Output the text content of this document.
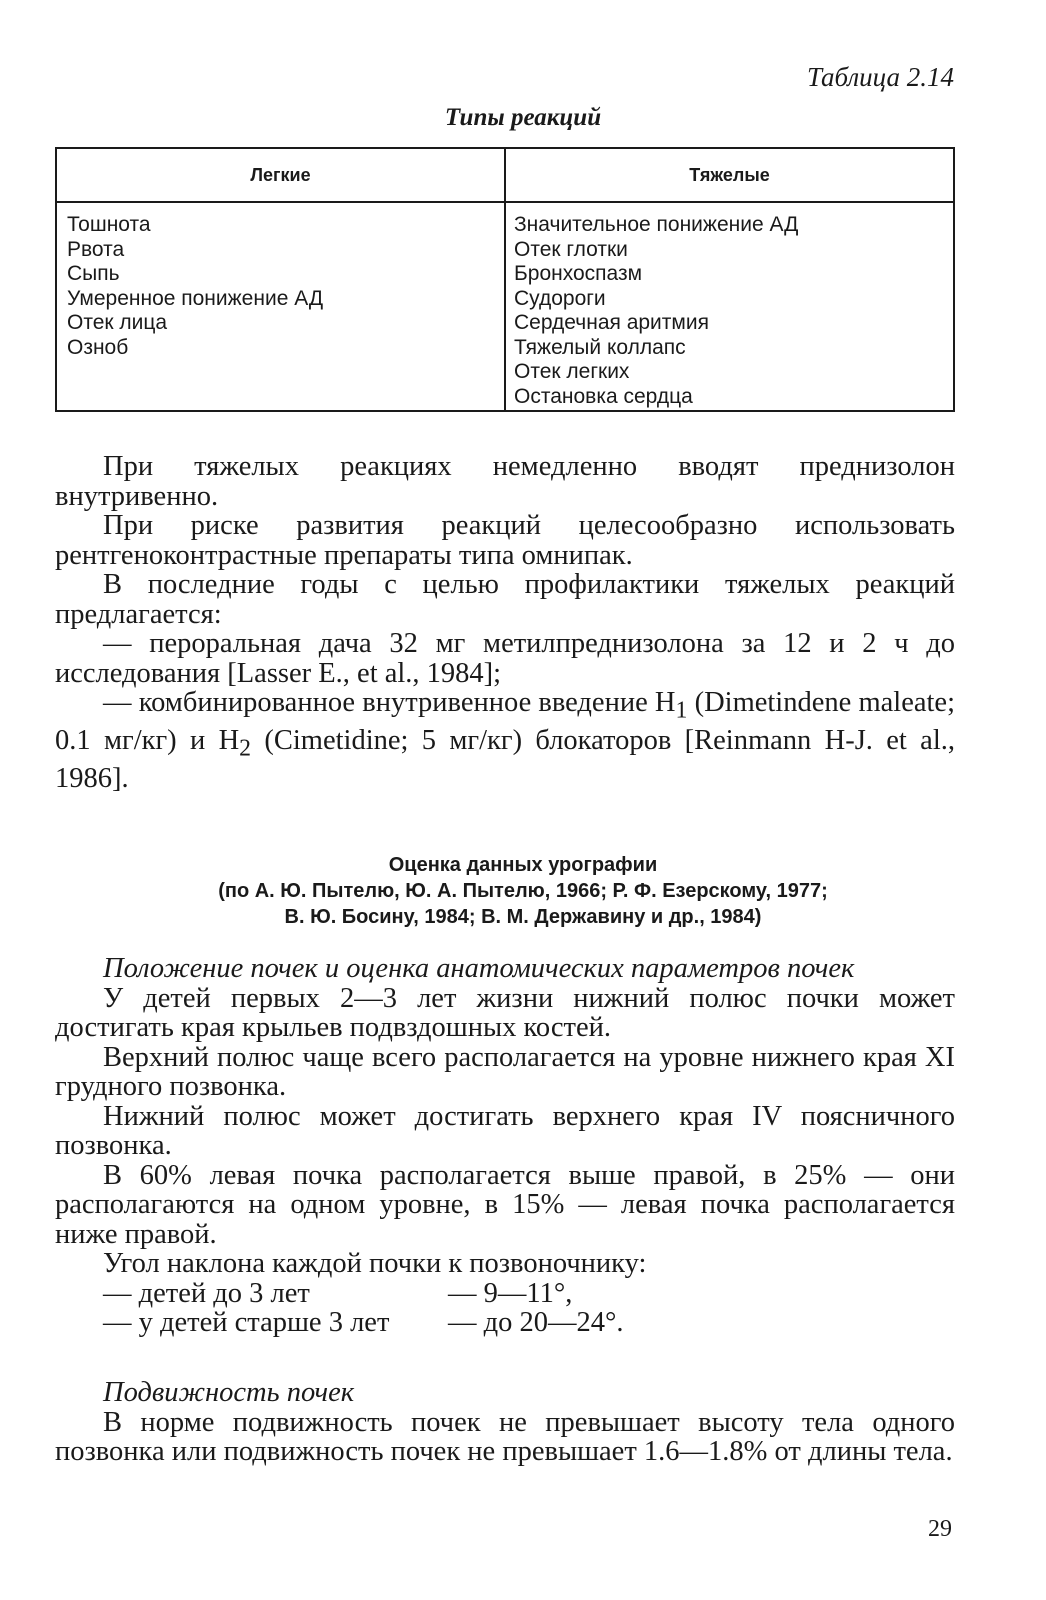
Таблица 2.14
Типы реакций
Легкие	Тяжелые
Тошнота
Рвота
Сыпь
Умеренное понижение АД
Отек лица
Озноб
Значительное понижение АД
Отек глотки
Бронхоспазм
Судороги
Сердечная аритмия
Тяжелый коллапс
Отек легких
Остановка сердца

При тяжелых реакциях немедленно вводят преднизолон внутривенно.

При риске развития реакций целесообразно использовать рентгеноконтрастные препараты типа омнипак.

В последние годы с целью профилактики тяжелых реакций предлагается:

— пероральная дача 32 мг метилпреднизолона за 12 и 2 ч до исследования [Lasser E., et al., 1984];

— комбинированное внутривенное введение $H_1$ (Dimetindene maleate; 0.1 мг/кг) и $H_2$ (Cimetidine; 5 мг/кг) блокаторов [Reinmann H-J. et al., 1986].

Оценка данных урографии
(по А. Ю. Пытелю, Ю. А. Пытелю, 1966; Р. Ф. Езерскому, 1977;
В. Ю. Босину, 1984; В. М. Державину и др., 1984)

Положение почек и оценка анатомических параметров почек

У детей первых 2—3 лет жизни нижний полюс почки может достигать края крыльев подвздошных костей.

Верхний полюс чаще всего располагается на уровне нижнего края XI грудного позвонка.

Нижний полюс может достигать верхнего края IV поясничного позвонка.

В 60% левая почка располагается выше правой, в 25% — они располагаются на одном уровне, в 15% — левая почка располагается ниже правой.

Угол наклона каждой почки к позвоночнику:

— детей до 3 лет	— 9—11°,
— у детей старше 3 лет — до 20—24°.

Подвижность почек

В норме подвижность почек не превышает высоту тела одного позвонка или подвижность почек не превышает 1.6—1.8% от длины тела.

29
